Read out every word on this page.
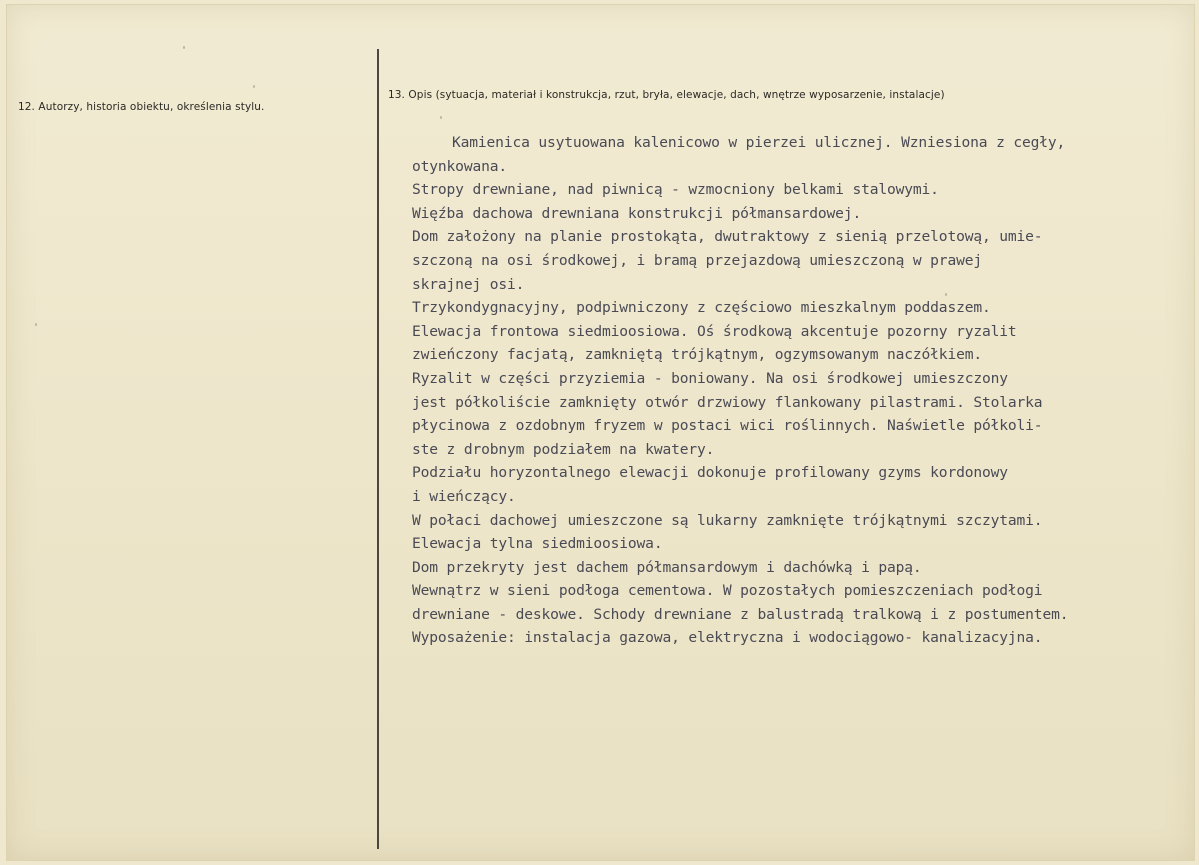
12. Autorzy, historia obiektu, określenia stylu.
13. Opis (sytuacja, materiał i konstrukcja, rzut, bryła, elewacje, dach, wnętrze wyposarzenie, instalacje)
Kamienica usytuowana kalenicowo w pierzei ulicznej. Wzniesiona z cegły,
otynkowana.
Stropy drewniane, nad piwnicą - wzmocniony belkami stalowymi.
Więźba dachowa drewniana konstrukcji półmansardowej.
Dom założony na planie prostokąta, dwutraktowy z sienią przelotową, umie-
szczoną na osi środkowej, i bramą przejazdową umieszczoną w prawej
skrajnej osi.
Trzykondygnacyjny, podpiwniczony z częściowo mieszkalnym poddaszem.
Elewacja frontowa siedmioosiowa. Oś środkową akcentuje pozorny ryzalit
zwieńczony facjatą, zamkniętą trójkątnym, ogzymsowanym naczółkiem.
Ryzalit w części przyziemia - boniowany. Na osi środkowej umieszczony
jest półkoliście zamknięty otwór drzwiowy flankowany pilastrami. Stolarka
płycinowa z ozdobnym fryzem w postaci wici roślinnych. Naświetle półkoli-
ste z drobnym podziałem na kwatery.
Podziału horyzontalnego elewacji dokonuje profilowany gzyms kordonowy
i wieńczący.
W połaci dachowej umieszczone są lukarny zamknięte trójkątnymi szczytami.
Elewacja tylna siedmioosiowa.
Dom przekryty jest dachem półmansardowym i dachówką i papą.
Wewnątrz w sieni podłoga cementowa. W pozostałych pomieszczeniach podłogi
drewniane - deskowe. Schody drewniane z balustradą tralkową i z postumentem.
Wyposażenie: instalacja gazowa, elektryczna i wodociągowo- kanalizacyjna.
